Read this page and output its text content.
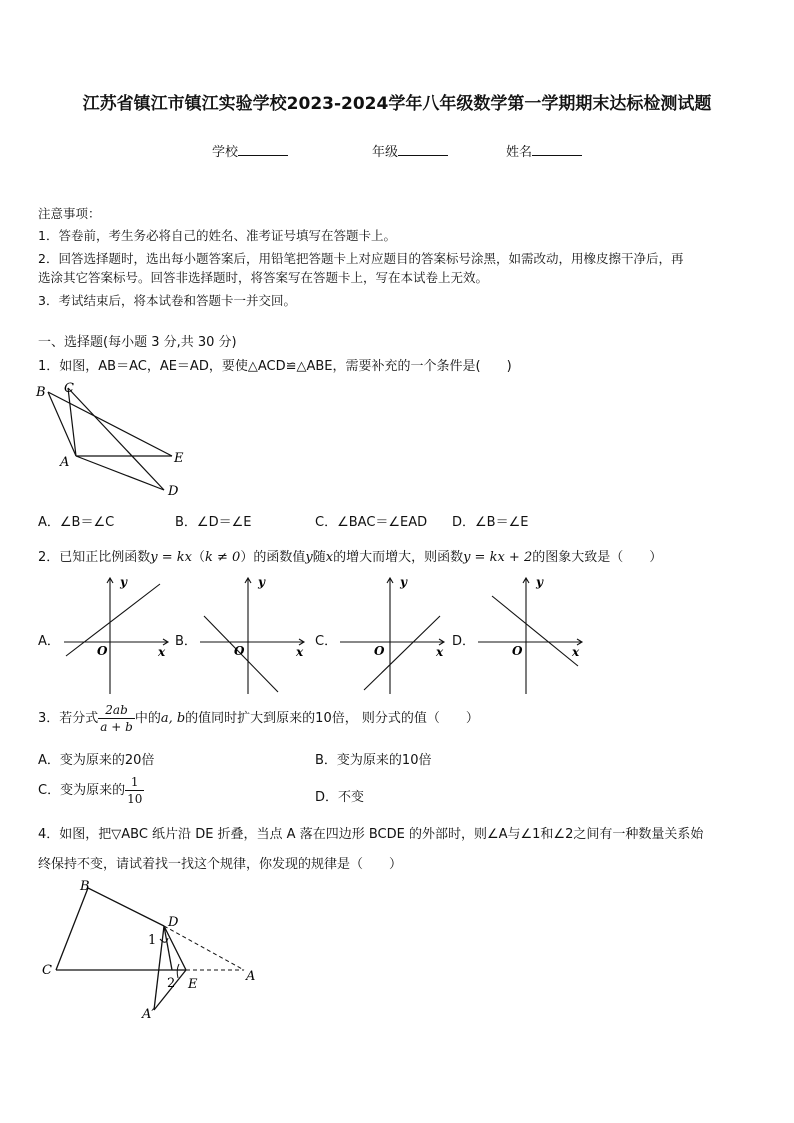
江苏省镇江市镇江实验学校2023-2024学年八年级数学第一学期期末达标检测试题
学校	年级	姓名
注意事项：
1．答卷前，考生务必将自己的姓名、准考证号填写在答题卡上。
2．回答选择题时，选出每小题答案后，用铅笔把答题卡上对应题目的答案标号涂黑，如需改动，用橡皮擦干净后，再
选涂其它答案标号。回答非选择题时，将答案写在答题卡上，写在本试卷上无效。
3．考试结束后，将本试卷和答题卡一并交回。
一、选择题(每小题 3 分,共 30 分)
1．如图，AB＝AC，AE＝AD，要使△ACD≌△ABE，需要补充的一个条件是(　　)
B C
A	E
D
A．∠B＝∠C	B．∠D＝∠E	C．∠BAC＝∠EAD D．∠B＝∠E
2．已知正比例函数y = kx（k ≠ 0）的函数值y随x的增大而增大，则函数y = kx + 2的图象大致是（　　）
A．
y
x
O
B．
y
x
O
C．
y
x
O
D．
y
x
O
3．若分式 $\frac{2ab}{a + b}$ 中的a, b的值同时扩大到原来的10倍， 则分式的值（　　）
A．变为原来的20倍	B．变为原来的10倍
C．变为原来的 $\frac{1}{10}$	D．不变
4．如图，把▽ABC 纸片沿 DE 折叠，当点 A 落在四边形 BCDE 的外部时，则∠A与∠1和∠2之间有一种数量关系始
终保持不变，请试着找一找这个规律，你发现的规律是（　　）
B
C
D
E
A
A′
1
2
